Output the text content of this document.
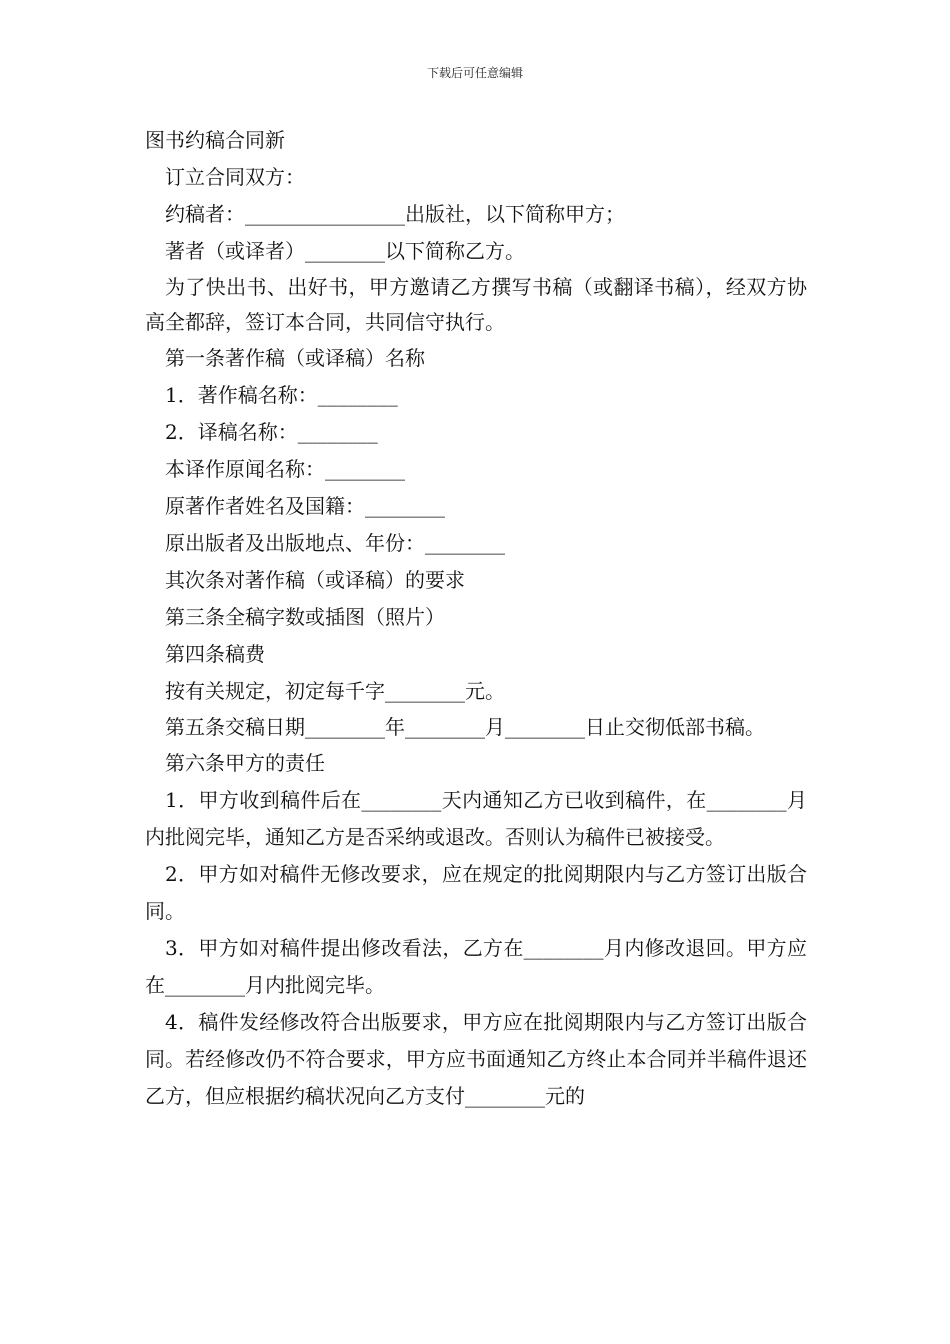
下载后可任意编辑

图书约稿合同新

订立合同双方：

约稿者：________________出版社，以下简称甲方；

著者（或译者）________以下简称乙方。

为了快出书、出好书，甲方邀请乙方撰写书稿（或翻译书稿），经双方协高全都辞，签订本合同，共同信守执行。

第一条著作稿（或译稿）名称

1．著作稿名称：________

2．译稿名称：________

本译作原闻名称：________

原著作者姓名及国籍：________

原出版者及出版地点、年份：________

其次条对著作稿（或译稿）的要求

第三条全稿字数或插图（照片）

第四条稿费

按有关规定，初定每千字________元。

第五条交稿日期________年________月________日止交彻低部书稿。

第六条甲方的责任

1．甲方收到稿件后在________天内通知乙方已收到稿件，在________月内批阅完毕，通知乙方是否采纳或退改。否则认为稿件已被接受。

2．甲方如对稿件无修改要求，应在规定的批阅期限内与乙方签订出版合同。

3．甲方如对稿件提出修改看法，乙方在________月内修改退回。甲方应在________月内批阅完毕。

4．稿件发经修改符合出版要求，甲方应在批阅期限内与乙方签订出版合同。若经修改仍不符合要求，甲方应书面通知乙方终止本合同并半稿件退还乙方，但应根据约稿状况向乙方支付________元的
